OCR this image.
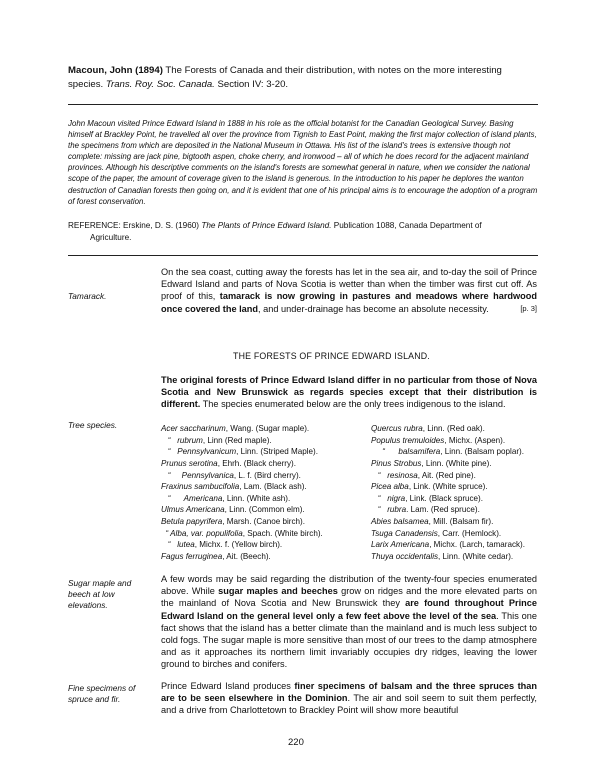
Macoun, John (1894) The Forests of Canada and their distribution, with notes on the more interesting species. Trans. Roy. Soc. Canada. Section IV: 3-20.
John Macoun visited Prince Edward Island in 1888 in his role as the official botanist for the Canadian Geological Survey. Basing himself at Brackley Point, he travelled all over the province from Tignish to East Point, making the first major collection of island plants, the specimens from which are deposited in the National Museum in Ottawa. His list of the island's trees is extensive though not complete: missing are jack pine, bigtooth aspen, choke cherry, and ironwood – all of which he does record for the adjacent mainland provinces. Although his descriptive comments on the island's forests are somewhat general in nature, when we consider the national scope of the paper, the amount of coverage given to the island is generous. In the introduction to his paper he deplores the wanton destruction of Canadian forests then going on, and it is evident that one of his principal aims is to encourage the adoption of a program of forest conservation.
REFERENCE: Erskine, D. S. (1960) The Plants of Prince Edward Island. Publication 1088, Canada Department of
Agriculture.
Tamarack.
On the sea coast, cutting away the forests has let in the sea air, and to-day the soil of Prince Edward Island and parts of Nova Scotia is wetter than when the timber was first cut off. As proof of this, tamarack is now growing in pastures and meadows where hardwood once covered the land, and under-drainage has become an absolute necessity.	[p. 3]
THE FORESTS OF PRINCE EDWARD ISLAND.
The original forests of Prince Edward Island differ in no particular from those of Nova Scotia and New Brunswick as regards species except that their distribution is different. The species enumerated below are the only trees indigenous to the island.
Tree species.	Acer saccharinum, Wang. (Sugar maple).
“   rubrum, Linn (Red maple).
“   Pennsylvanicum, Linn. (Striped Maple).
Prunus serotina, Ehrh. (Black cherry).
“     Pennsylvanica, L. f. (Bird cherry).
Fraxinus sambucifolia, Lam. (Black ash).
“      Americana, Linn. (White ash).
Ulmus Americana, Linn. (Common elm).
Betula papyrifera, Marsh. (Canoe birch).
“ Alba, var. populifolia, Spach. (White birch).
“   lutea, Michx. f. (Yellow birch).
Fagus ferruginea, Ait. (Beech).
Quercus rubra, Linn. (Red oak).
Populus tremuloides, Michx. (Aspen).
“      balsamifera, Linn. (Balsam poplar).
Pinus Strobus, Linn. (White pine).
“   resinosa, Ait. (Red pine).
Picea alba, Link. (White spruce).
“   nigra, Link. (Black spruce).
“   rubra. Lam. (Red spruce).
Abies balsamea, Mill. (Balsam fir).
Tsuga Canadensis, Carr. (Hemlock).
Larix Americana, Michx. (Larch, tamarack).
Thuya occidentalis, Linn. (White cedar).
Sugar maple and
beech at low
elevations.
A few words may be said regarding the distribution of the twenty-four species enumerated above. While sugar maples and beeches grow on ridges and the more elevated parts on the mainland of Nova Scotia and New Brunswick they are found throughout Prince Edward Island on the general level only a few feet above the level of the sea. This one fact shows that the island has a better climate than the mainland and is much less subject to cold fogs. The sugar maple is more sensitive than most of our trees to the damp atmosphere and as it approaches its northern limit invariably occupies dry ridges, leaving the lower ground to birches and conifers.
Fine specimens of
spruce and fir.
Prince Edward Island produces finer specimens of balsam and the three spruces than are to be seen elsewhere in the Dominion. The air and soil seem to suit them perfectly, and a drive from Charlottetown to Brackley Point will show more beautiful
220
